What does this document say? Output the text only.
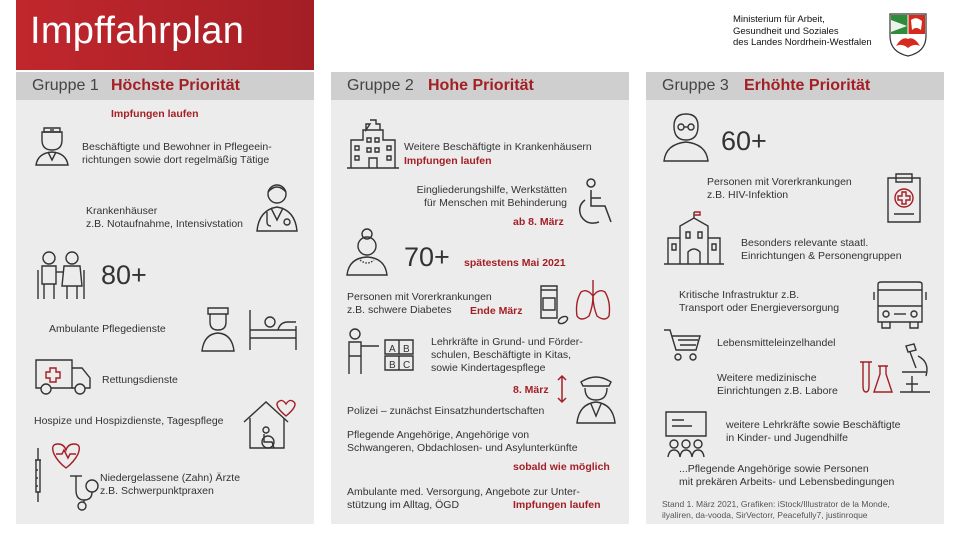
Impffahrplan	Ministerium für Arbeit,
Gesundheit und Soziales
des Landes Nordrhein-Westfalen
Gruppe 1 Höchste Priorität
Impfungen laufen
Beschäftigte und Bewohner in Pflegeein-
richtungen sowie dort regelmäßig Tätige
Krankenhäuser
z.B. Notaufnahme, Intensivstation
80+
Ambulante Pflegedienste
Rettungsdienste
Hospize und Hospizdienste, Tagespflege
Niedergelassene (Zahn) Ärzte
z.B. Schwerpunktpraxen
Gruppe 2 Hohe Priorität
Weitere Beschäftigte in Krankenhäusern
Impfungen laufen
Eingliederungshilfe, Werkstätten
für Menschen mit Behinderung
ab 8. März
70+ spätestens Mai 2021
Personen mit Vorerkrankungen
z.B. schwere Diabetes	Ende März
A B
B C
Lehrkräfte in Grund- und Förder-
schulen, Beschäftigte in Kitas,
sowie Kindertagespflege
8. März
Polizei – zunächst Einsatzhundertschaften
Pflegende Angehörige, Angehörige von
Schwangeren, Obdachlosen- und Asylunterkünfte
sobald wie möglich
Ambulante med. Versorgung, Angebote zur Unter-
stützung im Alltag, ÖGD	Impfungen laufen
Gruppe 3 Erhöhte Priorität
60+
Personen mit Vorerkrankungen
z.B. HIV-Infektion
Besonders relevante staatl.
Einrichtungen & Personengruppen
Kritische Infrastruktur z.B.
Transport oder Energieversorgung
Lebensmitteleinzelhandel
Weitere medizinische
Einrichtungen z.B. Labore
weitere Lehrkräfte sowie Beschäftigte
in Kinder- und Jugendhilfe
...Pflegende Angehörige sowie Personen
mit prekären Arbeits- und Lebensbedingungen
Stand 1. März 2021, Grafiken: iStock/Illustrator de la Monde,
ilyaliren, da-vooda, SirVectorr, Peacefully7, justinroque
